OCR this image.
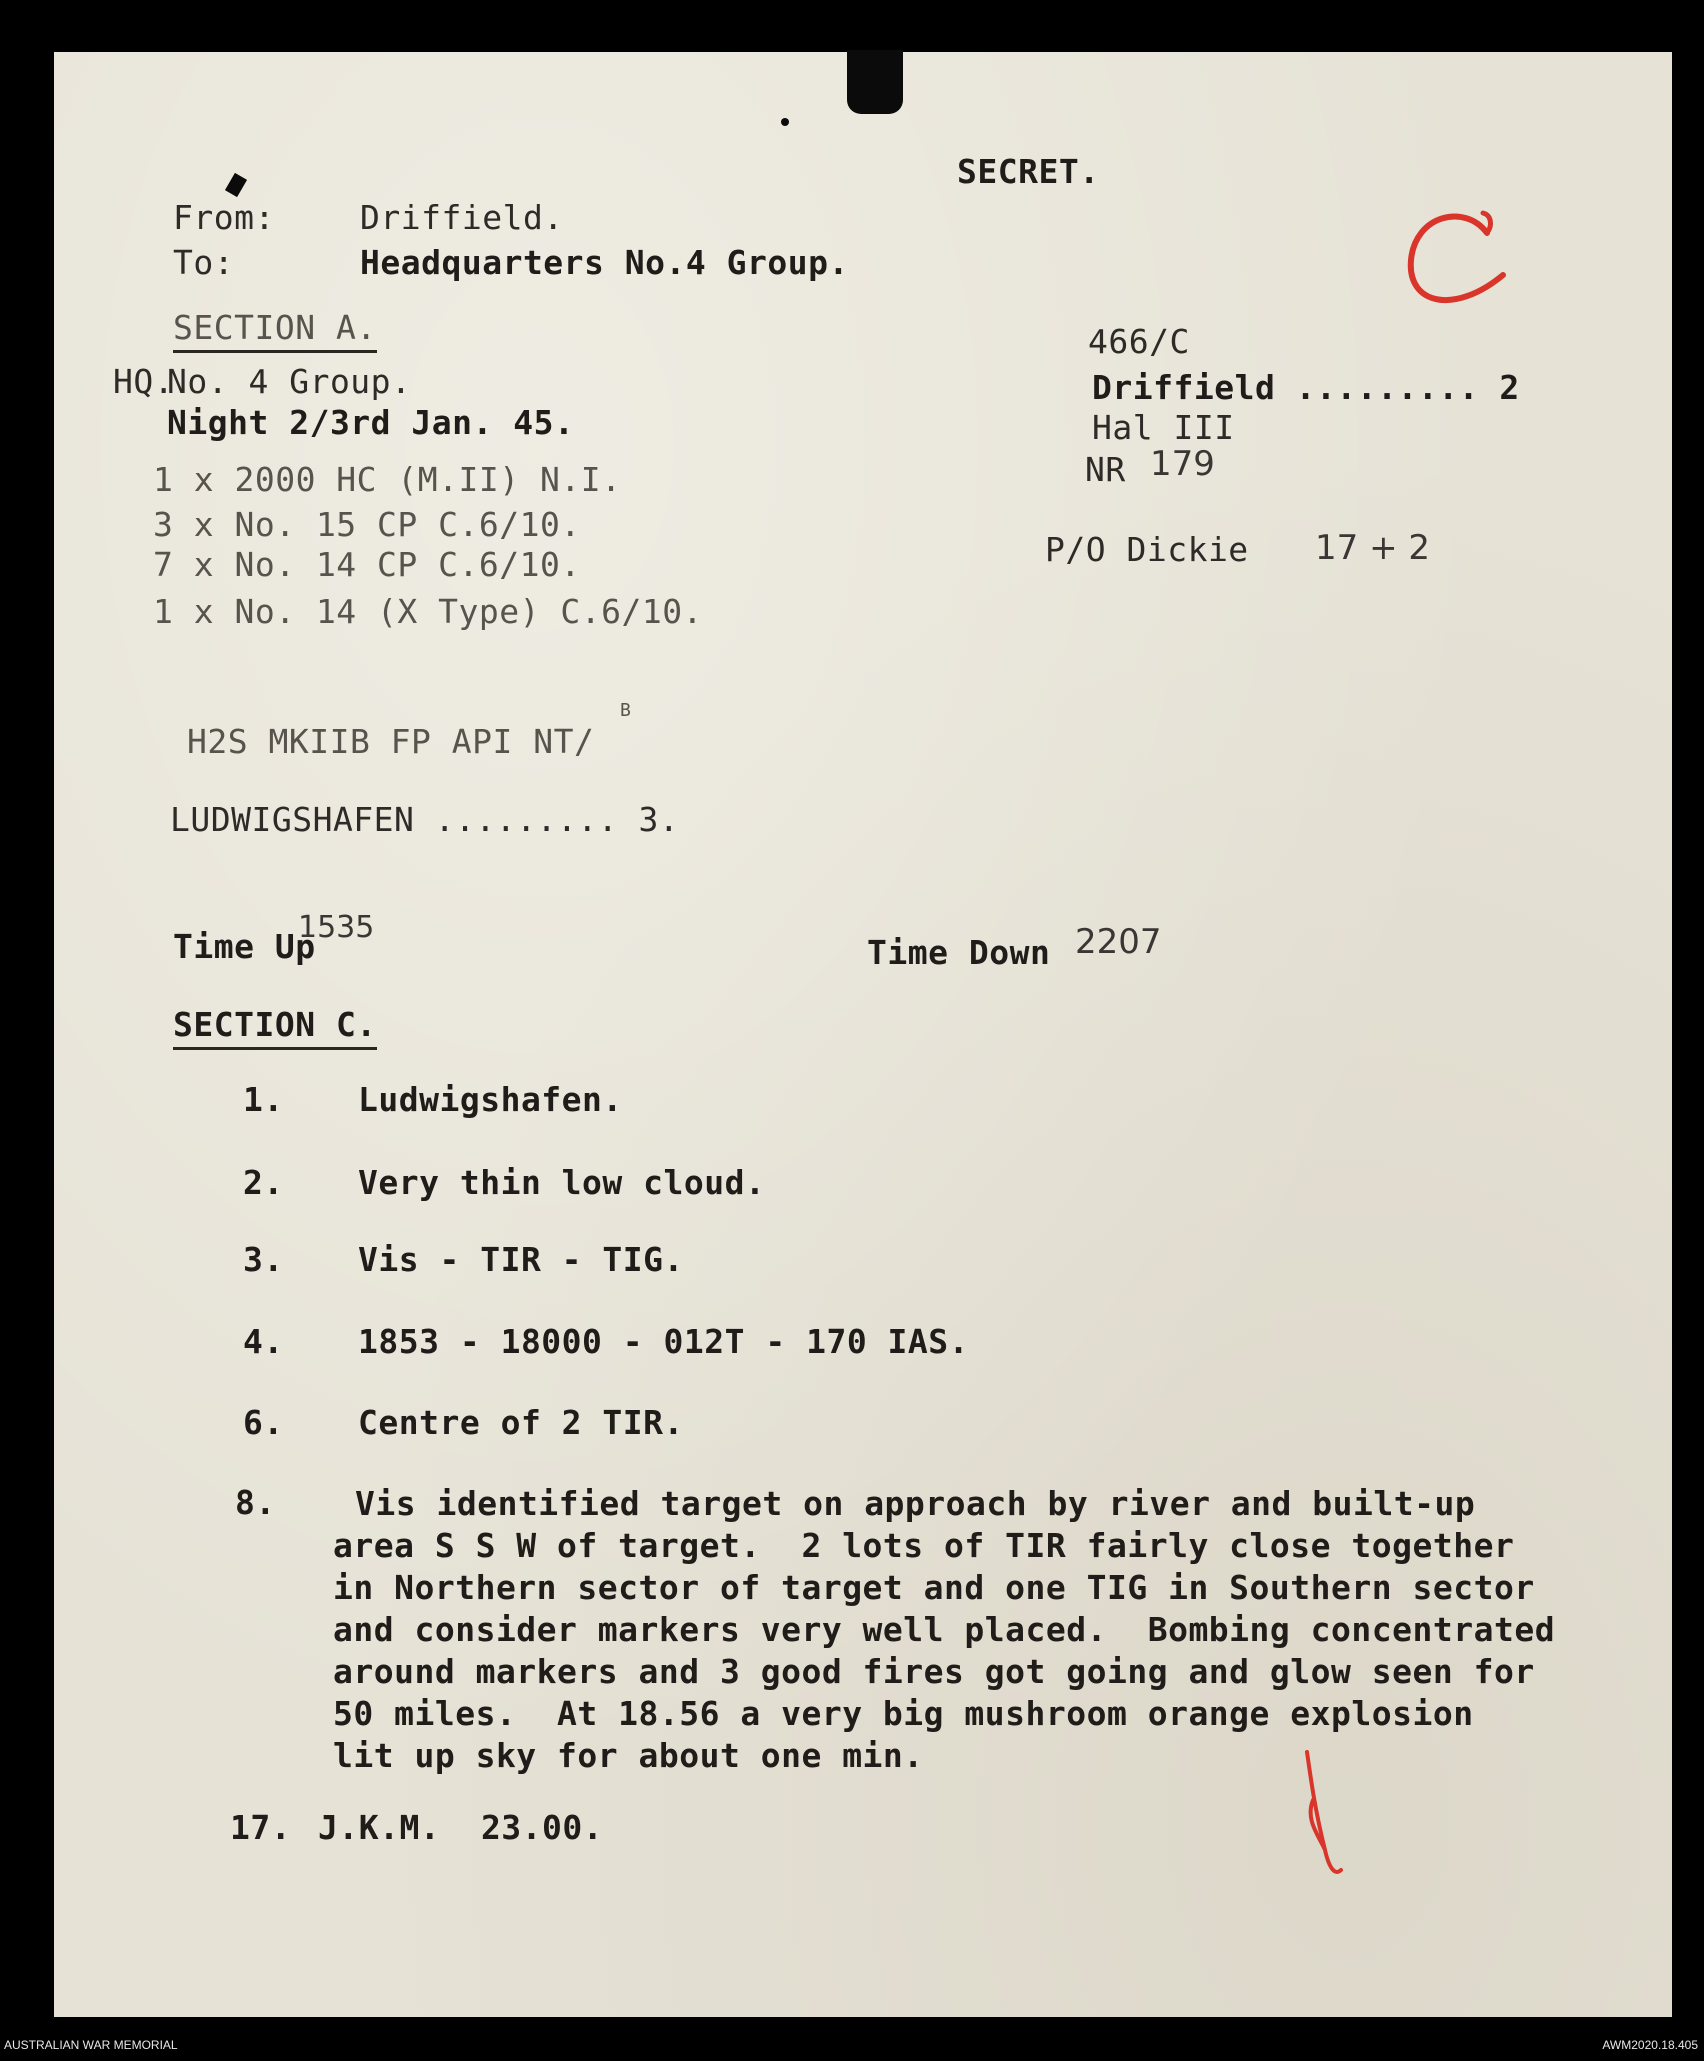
SECRET.
From:	Driffield.
To:	Headquarters No.4 Group.
SECTION A.
HQ.
No. 4 Group.
Night 2/3rd Jan. 45.
1 x 2000 HC (M.II) N.I.
3 x No. 15 CP C.6/10.
7 x No. 14 CP C.6/10.
1 x No. 14 (X Type) C.6/10.
466/C
Driffield ......... 2
Hal III
NR 179
P/O Dickie 17 + 2
H2S MKIIB FP API NT/
B
LUDWIGSHAFEN ......... 3.
Time Up
1535
Time Down 2207
SECTION C.
1. Ludwigshafen.
2. Very thin low cloud.
3. Vis - TIR - TIG.
4. 1853 - 18000 - 012T - 170 IAS.
6. Centre of 2 TIR.
8. Vis identified target on approach by river and built-up
area S S W of target.  2 lots of TIR fairly close together
in Northern sector of target and one TIG in Southern sector
and consider markers very well placed.  Bombing concentrated
around markers and 3 good fires got going and glow seen for
50 miles.  At 18.56 a very big mushroom orange explosion
lit up sky for about one min.
17. J.K.M.  23.00.
AUSTRALIAN WAR MEMORIAL	AWM2020.18.405
